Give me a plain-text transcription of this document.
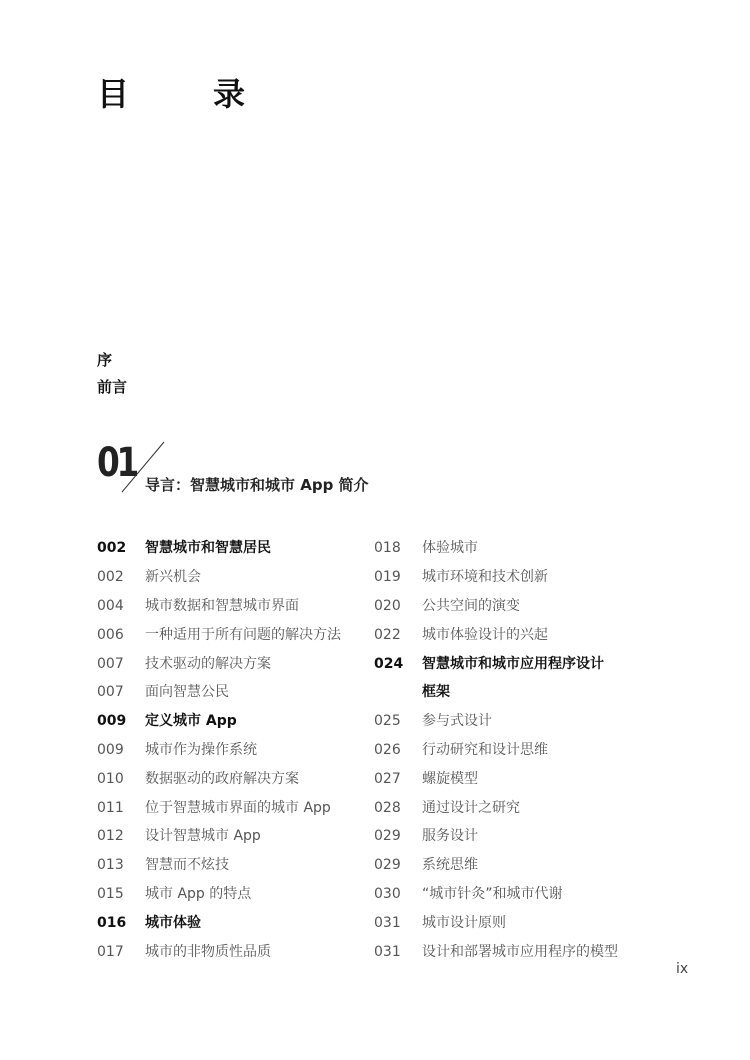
目　录
序
前言
01 导言：智慧城市和城市 App 简介
002	智慧城市和智慧居民
002	新兴机会
004	城市数据和智慧城市界面
006	一种适用于所有问题的解决方法
007	技术驱动的解决方案
007	面向智慧公民
009	定义城市 App
009	城市作为操作系统
010	数据驱动的政府解决方案
011	位于智慧城市界面的城市 App
012	设计智慧城市 App
013	智慧而不炫技
015	城市 App 的特点
016	城市体验
017	城市的非物质性品质
018	体验城市
019	城市环境和技术创新
020	公共空间的演变
022	城市体验设计的兴起
024	智慧城市和城市应用程序设计
框架
025	参与式设计
026	行动研究和设计思维
027	螺旋模型
028	通过设计之研究
029	服务设计
029	系统思维
030	“城市针灸”和城市代谢
031	城市设计原则
031	设计和部署城市应用程序的模型
ix
